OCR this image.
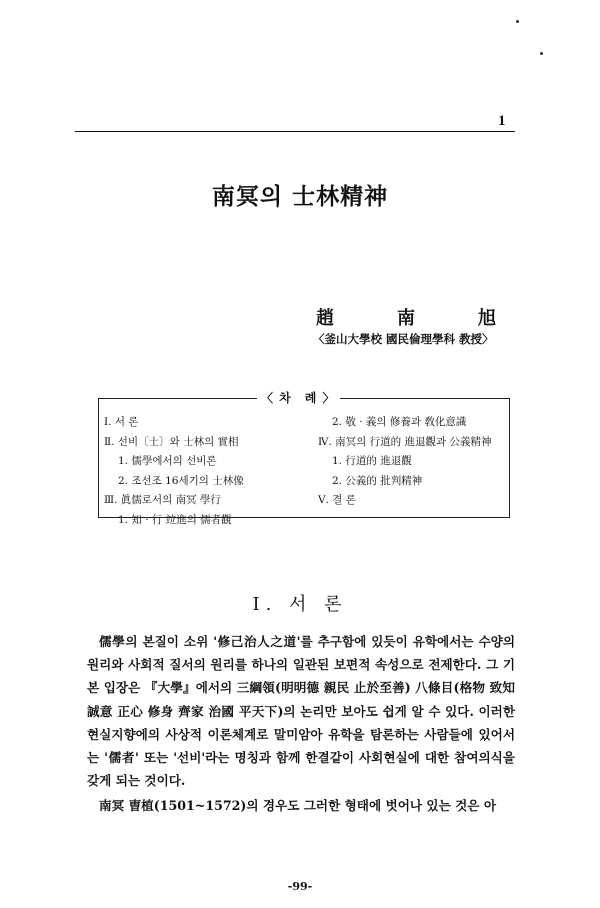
1
南冥의 士林精神
趙	南	旭
〈釜山大學校 國民倫理學科 教授〉
〈 차　례 〉
Ⅰ. 서 론
Ⅱ. 선비〔士〕와 士林의 實相
1. 儒學에서의 선비론
2. 조선조 16세기의 士林像
Ⅲ. 眞儒로서의 南冥 學行
1. 知 · 行 竝進의 儒者觀
2. 敬 · 義의 修養과 敎化意識
Ⅳ. 南冥의 行道的 進退觀과 公義精神
1. 行道的 進退觀
2. 公義的 批判精神
Ⅴ. 결 론
Ⅰ. 서 론

儒學의 본질이 소위 '修己治人之道'를 추구함에 있듯이 유학에서는 수양의 원리와 사회적 질서의 원리를 하나의 일관된 보편적 속성으로 전제한다. 그 기본 입장은 『大學』에서의 三綱領(明明德 親民 止於至善) 八條目(格物 致知 誠意 正心 修身 齊家 治國 平天下)의 논리만 보아도 쉽게 알 수 있다. 이러한 현실지향에의 사상적 이론체계로 말미암아 유학을 탐론하는 사람들에 있어서는 '儒者' 또는 '선비'라는 명칭과 함께 한결같이 사회현실에 대한 참여의식을 갖게 되는 것이다.

南冥 曺植(1501~1572)의 경우도 그러한 형태에 벗어나 있는 것은 아

-99-
